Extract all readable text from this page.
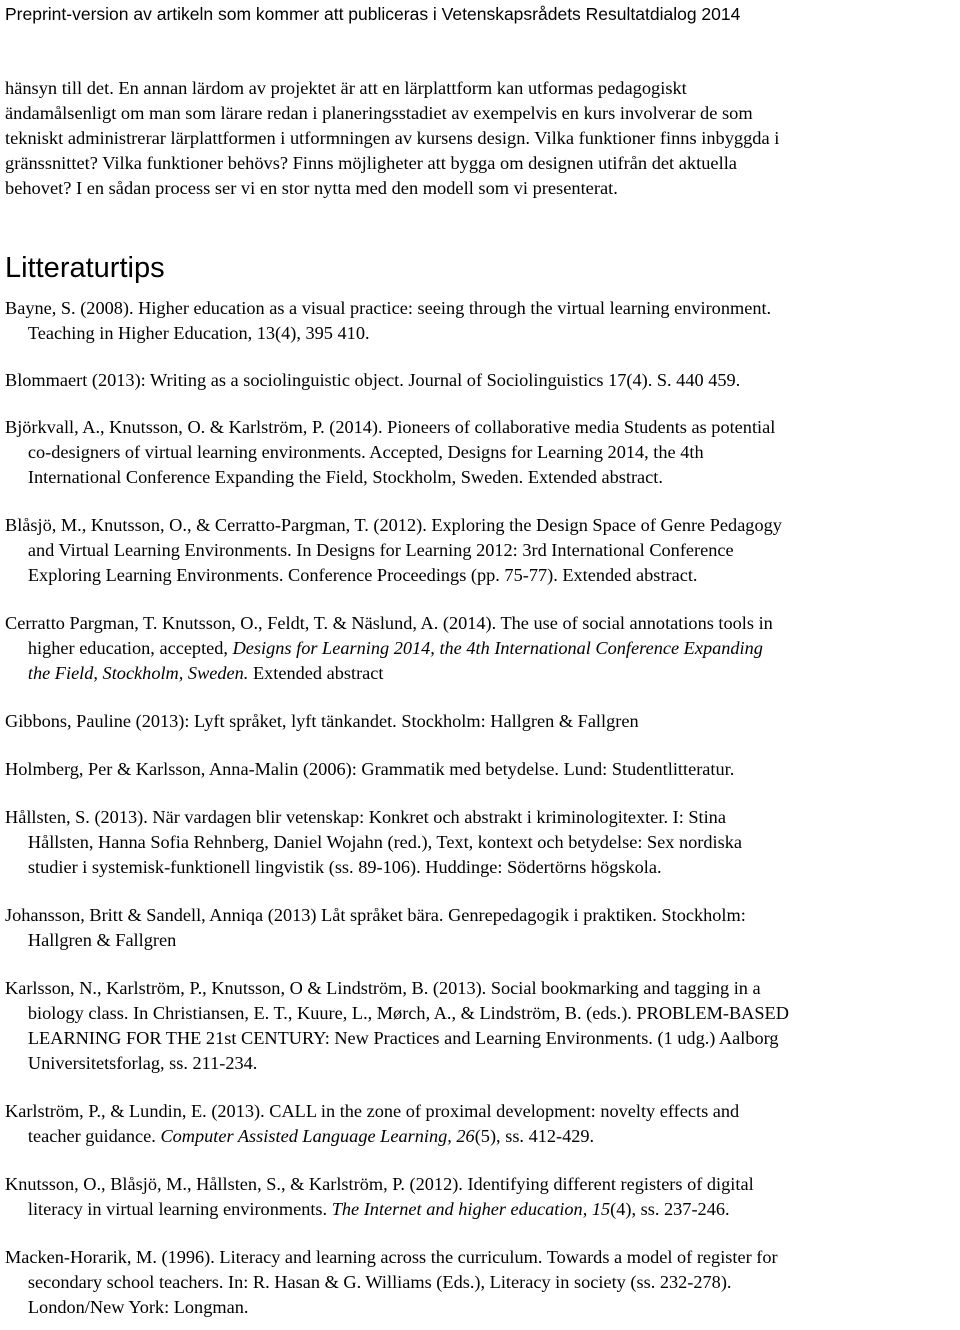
Preprint-version av artikeln som kommer att publiceras i Vetenskapsrådets Resultatdialog 2014

hänsyn till det. En annan lärdom av projektet är att en lärplattform kan utformas pedagogiskt
ändamålsenligt om man som lärare redan i planeringsstadiet av exempelvis en kurs involverar de som
tekniskt administrerar lärplattformen i utformningen av kursens design. Vilka funktioner finns inbyggda i
gränssnittet? Vilka funktioner behövs? Finns möjligheter att bygga om designen utifrån det aktuella
behovet? I en sådan process ser vi en stor nytta med den modell som vi presenterat.

Litteraturtips
Bayne, S. (2008). Higher education as a visual practice: seeing through the virtual learning environment.
Teaching in Higher Education, 13(4), 395 410.
Blommaert (2013): Writing as a sociolinguistic object. Journal of Sociolinguistics 17(4). S. 440 459.
Björkvall, A., Knutsson, O. & Karlström, P. (2014). Pioneers of collaborative media Students as potential
co-designers of virtual learning environments. Accepted, Designs for Learning 2014, the 4th
International Conference Expanding the Field, Stockholm, Sweden. Extended abstract.
Blåsjö, M., Knutsson, O., & Cerratto-Pargman, T. (2012). Exploring the Design Space of Genre Pedagogy
and Virtual Learning Environments. In Designs for Learning 2012: 3rd International Conference
Exploring Learning Environments. Conference Proceedings (pp. 75-77). Extended abstract.
Cerratto Pargman, T. Knutsson, O., Feldt, T. & Näslund, A. (2014). The use of social annotations tools in
higher education, accepted, Designs for Learning 2014, the 4th International Conference Expanding
the Field, Stockholm, Sweden. Extended abstract
Gibbons, Pauline (2013): Lyft språket, lyft tänkandet. Stockholm: Hallgren & Fallgren
Holmberg, Per & Karlsson, Anna-Malin (2006): Grammatik med betydelse. Lund: Studentlitteratur.
Hållsten, S. (2013). När vardagen blir vetenskap: Konkret och abstrakt i kriminologitexter. I: Stina
Hållsten, Hanna Sofia Rehnberg, Daniel Wojahn (red.), Text, kontext och betydelse: Sex nordiska
studier i systemisk-funktionell lingvistik (ss. 89-106). Huddinge: Södertörns högskola.
Johansson, Britt & Sandell, Anniqa (2013) Låt språket bära. Genrepedagogik i praktiken. Stockholm:
Hallgren & Fallgren
Karlsson, N., Karlström, P., Knutsson, O & Lindström, B. (2013). Social bookmarking and tagging in a
biology class. In Christiansen, E. T., Kuure, L., Mørch, A., & Lindström, B. (eds.). PROBLEM-BASED
LEARNING FOR THE 21st CENTURY: New Practices and Learning Environments. (1 udg.) Aalborg
Universitetsforlag, ss. 211-234.
Karlström, P., & Lundin, E. (2013). CALL in the zone of proximal development: novelty effects and
teacher guidance. Computer Assisted Language Learning, 26(5), ss. 412-429.
Knutsson, O., Blåsjö, M., Hållsten, S., & Karlström, P. (2012). Identifying different registers of digital
literacy in virtual learning environments. The Internet and higher education, 15(4), ss. 237-246.
Macken-Horarik, M. (1996). Literacy and learning across the curriculum. Towards a model of register for
secondary school teachers. In: R. Hasan & G. Williams (Eds.), Literacy in society (ss. 232-278).
London/New York: Longman.
